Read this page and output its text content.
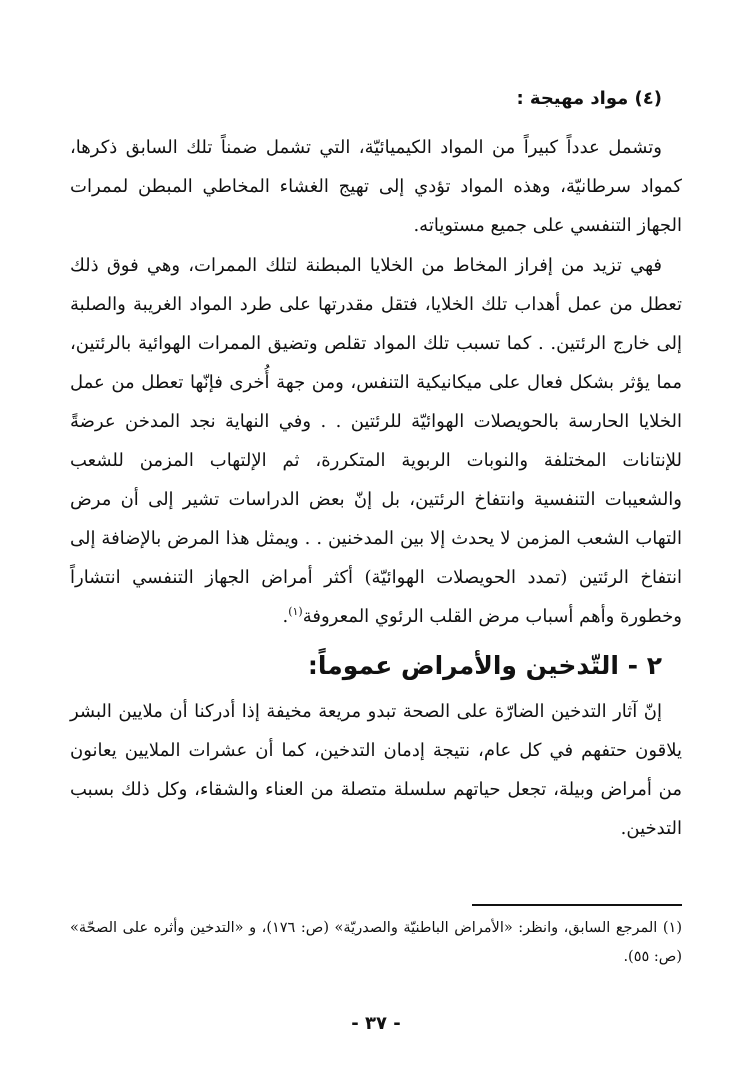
(٤) مواد مهيجة :

وتشمل عدداً كبيراً من المواد الكيميائيّة، التي تشمل ضمناً تلك السابق ذكرها، كمواد سرطانيّة، وهذه المواد تؤدي إلى تهيج الغشاء المخاطي المبطن لممرات الجهاز التنفسي على جميع مستوياته.

فهي تزيد من إفراز المخاط من الخلايا المبطنة لتلك الممرات، وهي فوق ذلك تعطل من عمل أهداب تلك الخلايا، فتقل مقدرتها على طرد المواد الغريبة والصلبة إلى خارج الرئتين. . كما تسبب تلك المواد تقلص وتضيق الممرات الهوائية بالرئتين، مما يؤثر بشكل فعال على ميكانيكية التنفس، ومن جهة أُخرى فإنّها تعطل من عمل الخلايا الحارسة بالحويصلات الهوائيّة للرئتين . . وفي النهاية نجد المدخن عرضةً للإنتانات المختلفة والنوبات الربوية المتكررة، ثم الإلتهاب المزمن للشعب والشعيبات التنفسية وانتفاخ الرئتين، بل إنّ بعض الدراسات تشير إلى أن مرض التهاب الشعب المزمن لا يحدث إلا بين المدخنين . . ويمثل هذا المرض بالإضافة إلى انتفاخ الرئتين (تمدد الحويصلات الهوائيّة) أكثر أمراض الجهاز التنفسي انتشاراً وخطورة وأهم أسباب مرض القلب الرئوي المعروفة$^{(١)}$.

٢ - التّدخين والأمراض عموماً:

إنّ آثار التدخين الضارّة على الصحة تبدو مريعة مخيفة إذا أدركنا أن ملايين البشر يلاقون حتفهم في كل عام، نتيجة إدمان التدخين، كما أن عشرات الملايين يعانون من أمراض وبيلة، تجعل حياتهم سلسلة متصلة من العناء والشقاء، وكل ذلك بسبب التدخين.

(١) المرجع السابق، وانظر: «الأمراض الباطنيّة والصدريّة» (ص: ١٧٦)، و «التدخين وأثره على الصحّة» (ص: ٥٥).

- ٣٧ -
